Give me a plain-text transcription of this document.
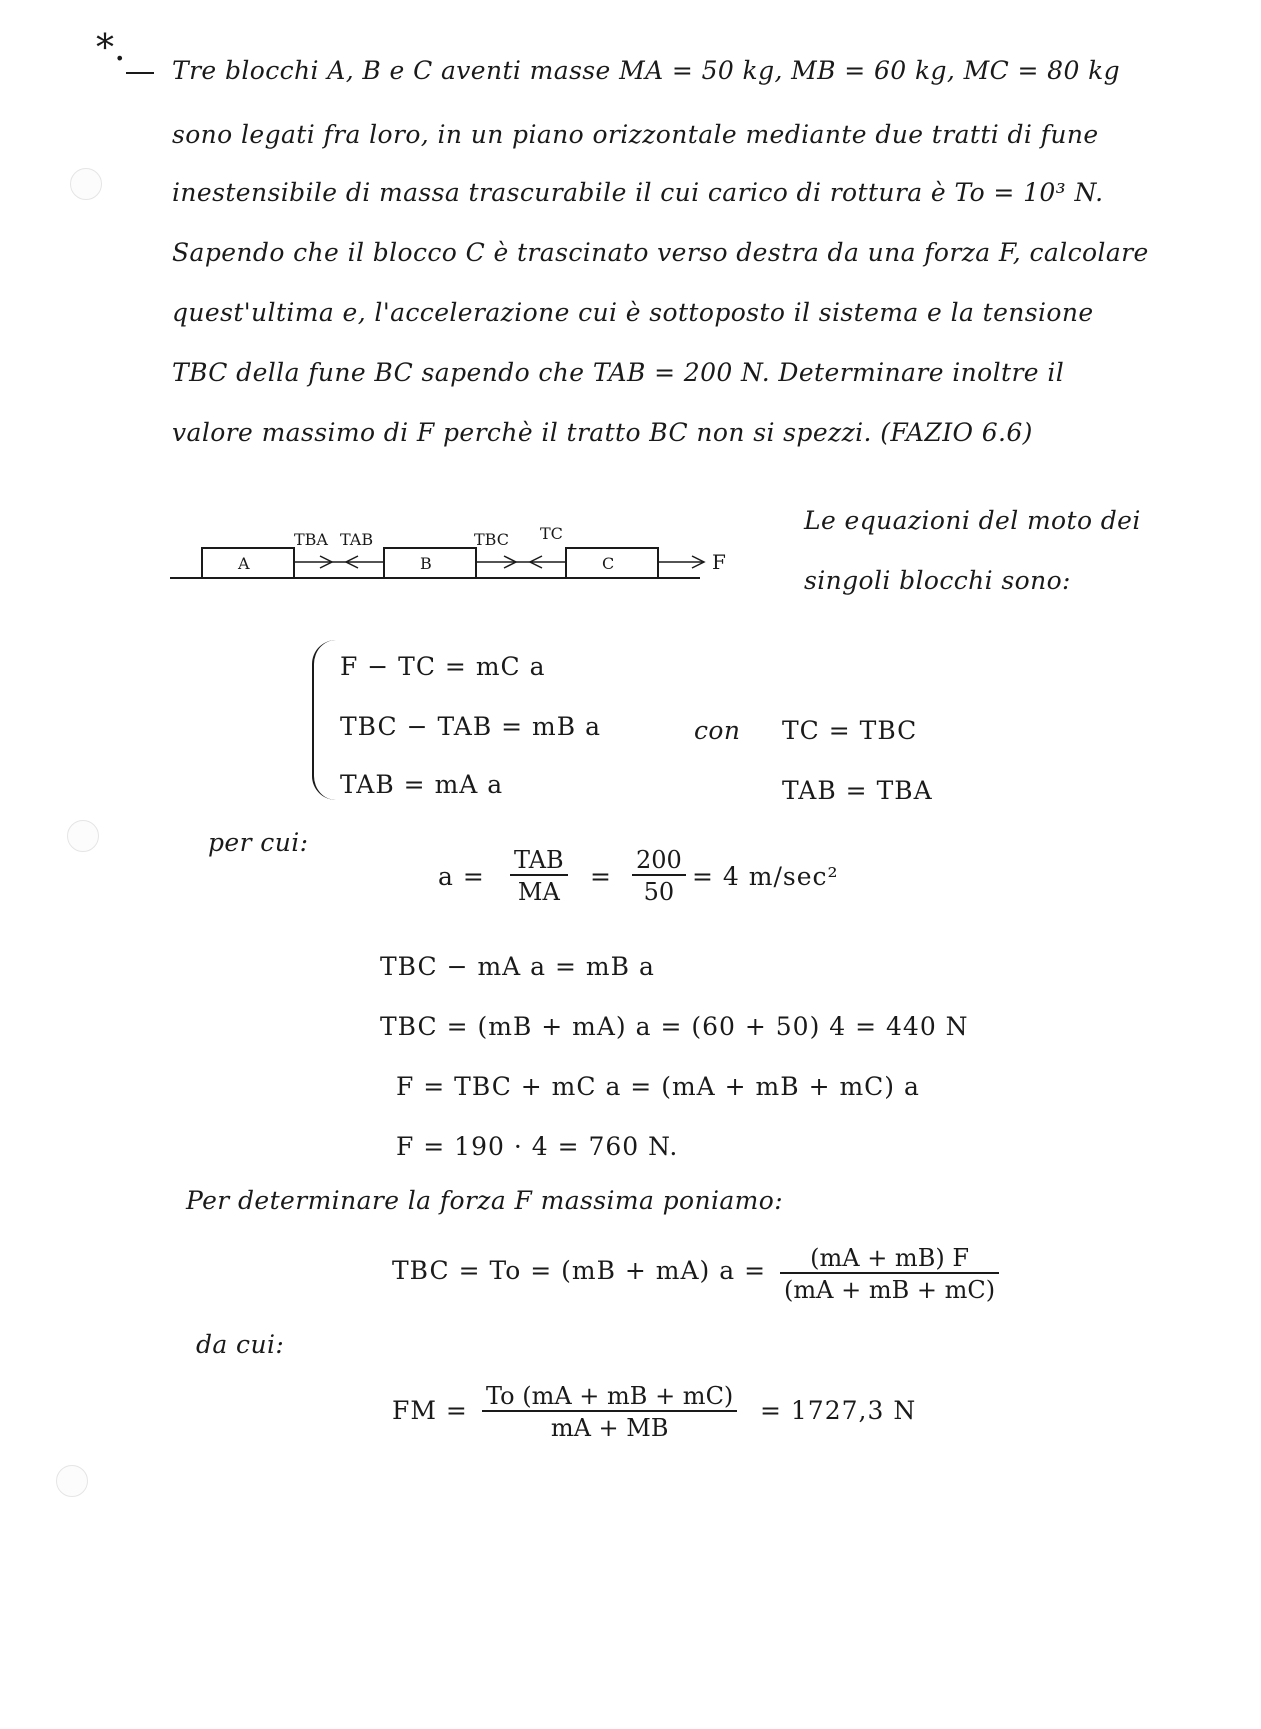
*.
Tre blocchi A, B e C aventi masse MA = 50 kg, MB = 60 kg, MC = 80 kg
sono legati fra loro, in un piano orizzontale mediante due tratti di fune
inestensibile di massa trascurabile il cui carico di rottura è To = 10³ N.
Sapendo che il blocco C è trascinato verso destra da una forza F, calcolare
quest'ultima e, l'accelerazione cui è sottoposto il sistema e la tensione
TBC della fune BC sapendo che TAB = 200 N. Determinare inoltre il
valore massimo di F perchè il tratto BC non si spezzi. (FAZIO 6.6)
A	B	C	F
TBA TAB	TBC TC	Le equazioni del moto dei
singoli blocchi sono:
F − TC = mC a
TBC − TAB = mB a
TAB = mA a
con TC = TBC
TAB = TBA
per cui:
a =
TAB
MA
= $\frac{200}{50} = 4$ m/sec²
TBC − mA a = mB a
TBC = (mB + mA) a = (60 + 50) 4 = 440 N
F = TBC + mC a = (mA + mB + mC) a
F = 190 · 4 = 760 N.
Per determinare la forza F massima poniamo:
TBC = To = (mB + mA) $a = \frac{(mA + mB) F}{(mA + mB + mC)}$
da cui:
FM = $\frac{To (mA + mB + mC)}{mA + MB} = 1727,3$ N
